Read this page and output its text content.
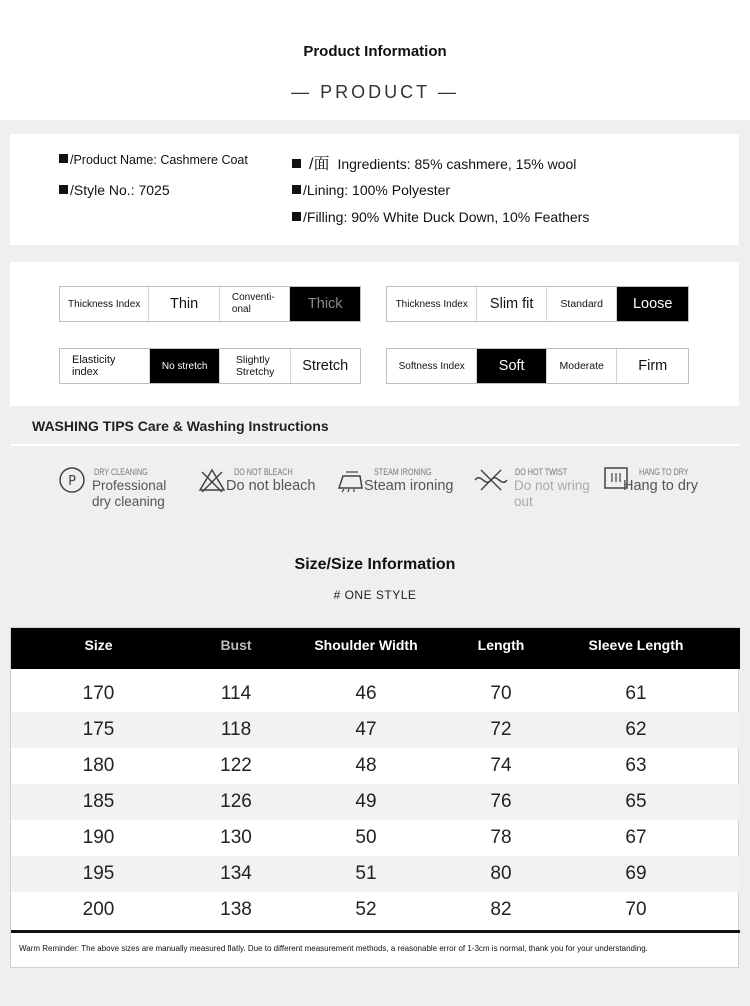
Product Information
— PRODUCT —
/Product Name: Cashmere Coat
/Style No.: 7025
/面 Ingredients: 85% cashmere, 15% wool
/Lining: 100% Polyester
/Filling: 90% White Duck Down, 10% Feathers
Thickness Index	Thin	Conventi-
onal	Thick	Thickness Index	Slim fit	Standard	Loose
Elasticity
index	No stretch	Slightly
Stretchy	Stretch	Softness Index	Soft	Moderate	Firm
WASHING TIPS Care & Washing Instructions
P
DRY CLEANING
Professional dry cleaning
DO NOT BLEACH
Do not bleach
STEAM IRONING
Steam ironing
DO HOT TWIST
Do not wring out
HANG TO DRY
Hang to dry
Size/Size Information
# ONE STYLE
Size	Bust	Shoulder Width	Length	Sleeve Length
170	114	46	70	61
175	118	47	72	62
180	122	48	74	63
185	126	49	76	65
190	130	50	78	67
195	134	51	80	69
200	138	52	82	70
Warm Reminder: The above sizes are manually measured flatly. Due to different measurement methods, a reasonable error of 1-3cm is normal, thank you for your understanding.
